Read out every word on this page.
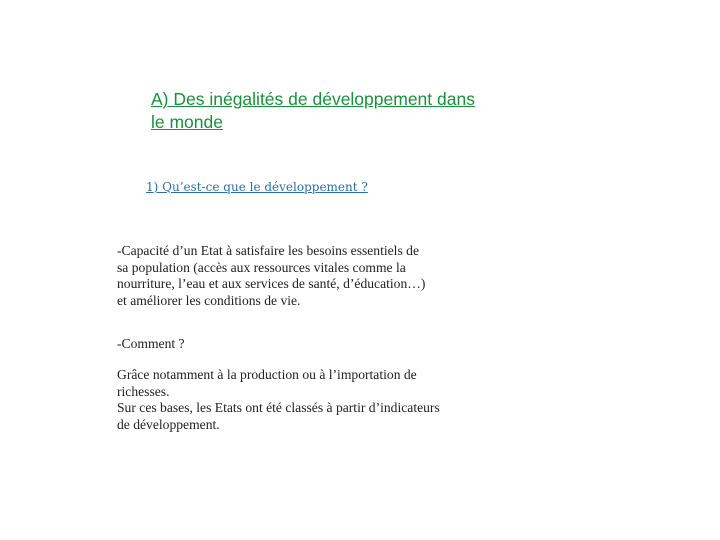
A) Des inégalités de développement dans
le monde
1) Qu’est-ce que le développement ?
-Capacité d’un Etat à satisfaire les besoins essentiels de
sa population (accès aux ressources vitales comme la
nourriture, l’eau et aux services de santé, d’éducation…)
et améliorer les conditions de vie.
-Comment ?
Grâce notamment à la production ou à l’importation de
richesses.
Sur ces bases, les Etats ont été classés à partir d’indicateurs
de développement.
